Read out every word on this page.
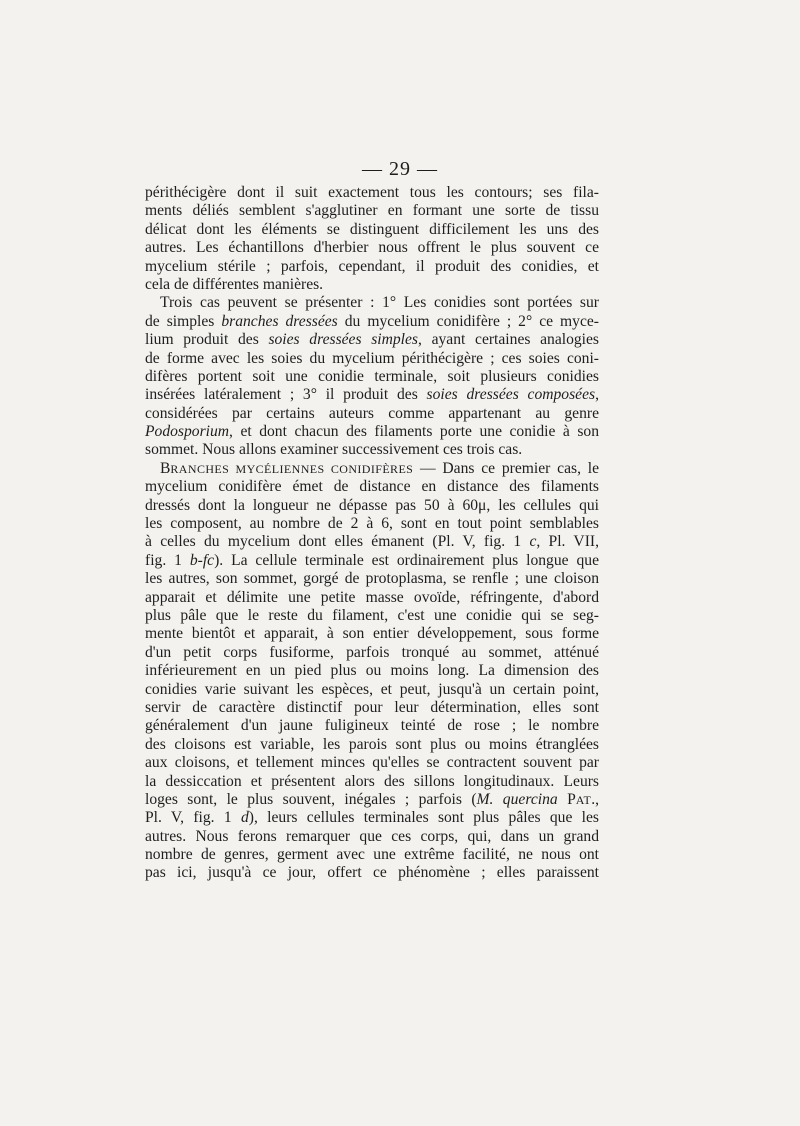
— 29 —
périthécigère dont il suit exactement tous les contours; ses fila-
ments déliés semblent s'agglutiner en formant une sorte de tissu
délicat dont les éléments se distinguent difficilement les uns des
autres. Les échantillons d'herbier nous offrent le plus souvent ce
mycelium stérile ; parfois, cependant, il produit des conidies, et
cela de différentes manières.
Trois cas peuvent se présenter : 1° Les conidies sont portées sur
de simples branches dressées du mycelium conidifère ; 2° ce myce-
lium produit des soies dressées simples, ayant certaines analogies
de forme avec les soies du mycelium périthécigère ; ces soies coni-
difères portent soit une conidie terminale, soit plusieurs conidies
insérées latéralement ; 3° il produit des soies dressées composées,
considérées par certains auteurs comme appartenant au genre
Podosporium, et dont chacun des filaments porte une conidie à son
sommet. Nous allons examiner successivement ces trois cas.
BRANCHES MYCÉLIENNES CONIDIFÈRES — Dans ce premier cas, le
mycelium conidifère émet de distance en distance des filaments
dressés dont la longueur ne dépasse pas 50 à 60μ, les cellules qui
les composent, au nombre de 2 à 6, sont en tout point semblables
à celles du mycelium dont elles émanent (Pl. V, fig. 1 c, Pl. VII,
fig. 1 b-fc). La cellule terminale est ordinairement plus longue que
les autres, son sommet, gorgé de protoplasma, se renfle ; une cloison
apparait et délimite une petite masse ovoïde, réfringente, d'abord
plus pâle que le reste du filament, c'est une conidie qui se seg-
mente bientôt et apparait, à son entier développement, sous forme
d'un petit corps fusiforme, parfois tronqué au sommet, atténué
inférieurement en un pied plus ou moins long. La dimension des
conidies varie suivant les espèces, et peut, jusqu'à un certain point,
servir de caractère distinctif pour leur détermination, elles sont
généralement d'un jaune fuligineux teinté de rose ; le nombre
des cloisons est variable, les parois sont plus ou moins étranglées
aux cloisons, et tellement minces qu'elles se contractent souvent par
la dessiccation et présentent alors des sillons longitudinaux. Leurs
loges sont, le plus souvent, inégales ; parfois (M. quercina PAT.,
Pl. V, fig. 1 d), leurs cellules terminales sont plus pâles que les
autres. Nous ferons remarquer que ces corps, qui, dans un grand
nombre de genres, germent avec une extrême facilité, ne nous ont
pas ici, jusqu'à ce jour, offert ce phénomène ; elles paraissent
